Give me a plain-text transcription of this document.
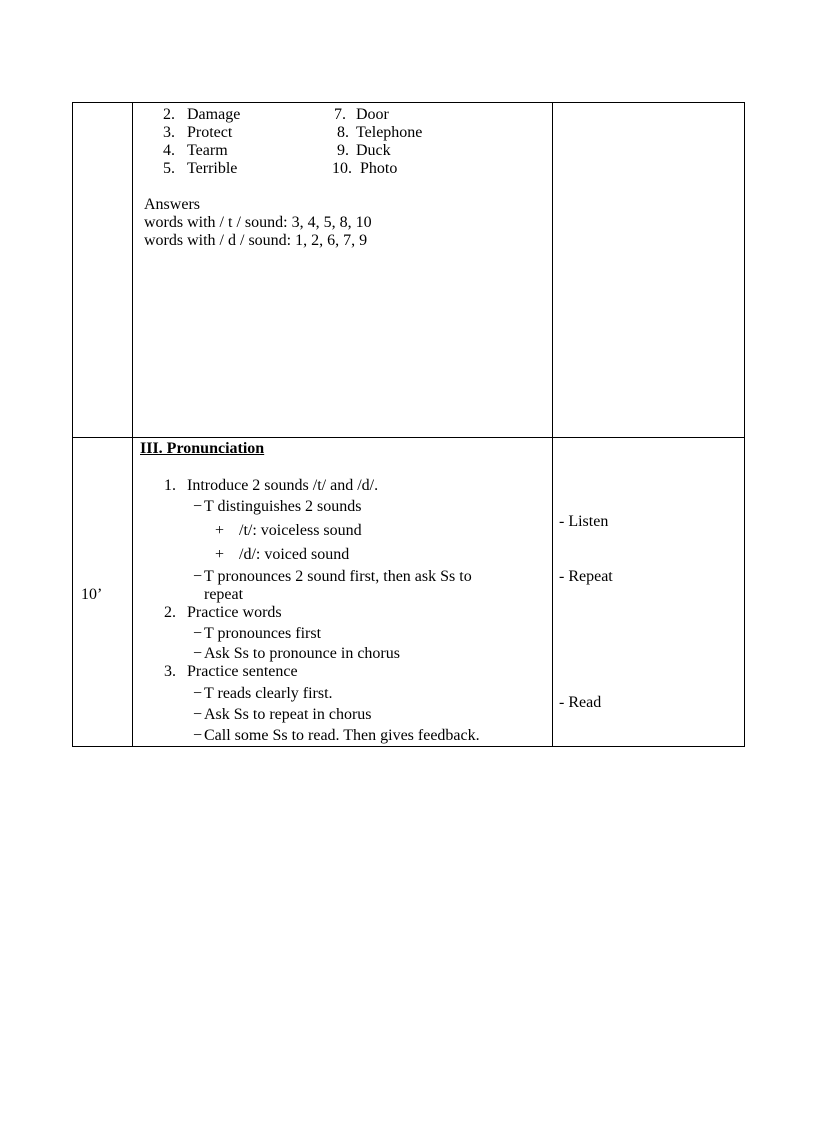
2. Damage
3. Protect
4. Tearm
5. Terrible
7. Door
8. Telephone
9. Duck
10. Photo
Answers
words with / t / sound: 3, 4, 5, 8, 10
words with / d / sound: 1, 2, 6, 7, 9
10’
III. Pronunciation
1. Introduce 2 sounds /t/ and /d/.
− T distinguishes 2 sounds
+ /t/: voiceless sound
+ /d/: voiced sound
− T pronounces 2 sound first, then ask Ss to
repeat
2. Practice words
− T pronounces first
− Ask Ss to pronounce in chorus
3. Practice sentence
− T reads clearly first.
− Ask Ss to repeat in chorus
− Call some Ss to read. Then gives feedback.
- Listen
- Repeat
- Read
